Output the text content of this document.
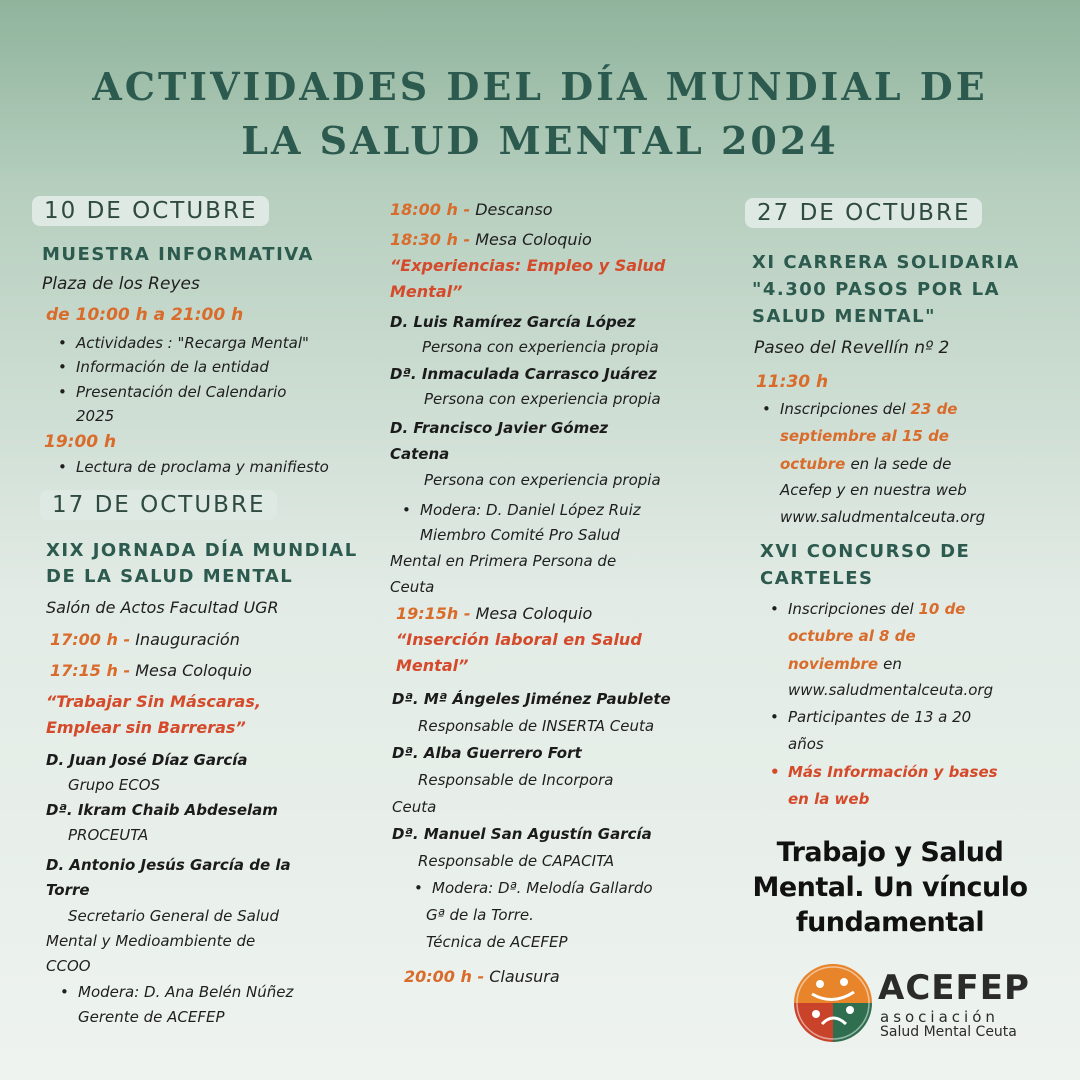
ACTIVIDADES DEL DÍA MUNDIAL DE
LA SALUD MENTAL 2024
10 DE OCTUBRE
MUESTRA INFORMATIVA
Plaza de los Reyes
de 10:00 h a 21:00 h
• Actividades : "Recarga Mental"
• Información de la entidad
• Presentación del Calendario
2025
19:00 h
• Lectura de proclama y manifiesto
17 DE OCTUBRE
XIX JORNADA DÍA MUNDIAL
DE LA SALUD MENTAL
Salón de Actos Facultad UGR
17:00 h - Inauguración
17:15 h - Mesa Coloquio
“Trabajar Sin Máscaras,
Emplear sin Barreras”
D. Juan José Díaz García
Grupo ECOS
Dª. Ikram Chaib Abdeselam
PROCEUTA
D. Antonio Jesús García de la
Torre
Secretario General de Salud
Mental y Medioambiente de
CCOO
• Modera: D. Ana Belén Núñez
Gerente de ACEFEP
18:00 h - Descanso
18:30 h - Mesa Coloquio
“Experiencias: Empleo y Salud
Mental”
D. Luis Ramírez García López
Persona con experiencia propia
Dª. Inmaculada Carrasco Juárez
Persona con experiencia propia
D. Francisco Javier Gómez
Catena
Persona con experiencia propia
• Modera: D. Daniel López Ruiz
Miembro Comité Pro Salud
Mental en Primera Persona de
Ceuta
19:15h - Mesa Coloquio
“Inserción laboral en Salud
Mental”
Dª. Mª Ángeles Jiménez Paublete
Responsable de INSERTA Ceuta
Dª. Alba Guerrero Fort
Responsable de Incorpora
Ceuta
Dª. Manuel San Agustín García
Responsable de CAPACITA
• Modera: Dª. Melodía Gallardo
Gª de la Torre.
Técnica de ACEFEP
20:00 h - Clausura
27 DE OCTUBRE
XI CARRERA SOLIDARIA
"4.300 PASOS POR LA
SALUD MENTAL"
Paseo del Revellín nº 2
11:30 h
• Inscripciones del 23 de
septiembre al 15 de
octubre en la sede de
Acefep y en nuestra web
www.saludmentalceuta.org
XVI CONCURSO DE
CARTELES
• Inscripciones del 10 de
octubre al 8 de
noviembre en
www.saludmentalceuta.org
• Participantes de 13 a 20
años
• Más Información y bases
en la web
Trabajo y Salud Mental. Un vínculo fundamental
ACEFEP
asociación
Salud Mental Ceuta
